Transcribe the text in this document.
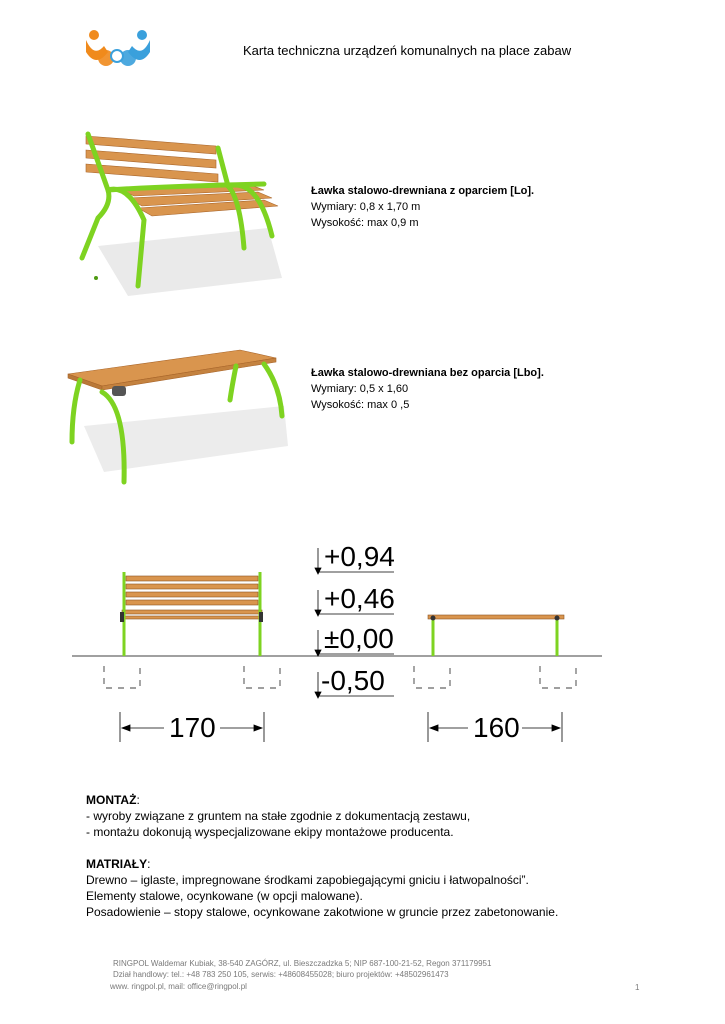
Karta techniczna urządzeń komunalnych na place zabaw
Ławka stalowo-drewniana z oparciem [Lo].
Wymiary: 0,8 x 1,70 m
Wysokość: max 0,9 m
Ławka stalowo-drewniana bez oparcia [Lbo].
Wymiary: 0,5 x 1,60
Wysokość: max 0 ,5
+0,94
+0,46
±0,00
-0,50
170	160
MONTAŻ:
- wyroby związane z gruntem na stałe zgodnie z dokumentacją zestawu,
- montażu dokonują wyspecjalizowane ekipy montażowe producenta.
MATRIAŁY:
Drewno – iglaste, impregnowane środkami zapobiegającymi gniciu i łatwopalności”.
Elementy stalowe, ocynkowane (w opcji malowane).
Posadowienie – stopy stalowe, ocynkowane zakotwione w gruncie przez zabetonowanie.
RINGPOL Waldemar Kubiak, 38-540 ZAGÓRZ, ul. Bieszczadzka 5; NIP 687-100-21-52, Regon 371179951
Dział handlowy: tel.: +48 783 250 105, serwis: +48608455028; biuro projektów: +48502961473
www. ringpol.pl, mail: office@ringpol.pl	1
